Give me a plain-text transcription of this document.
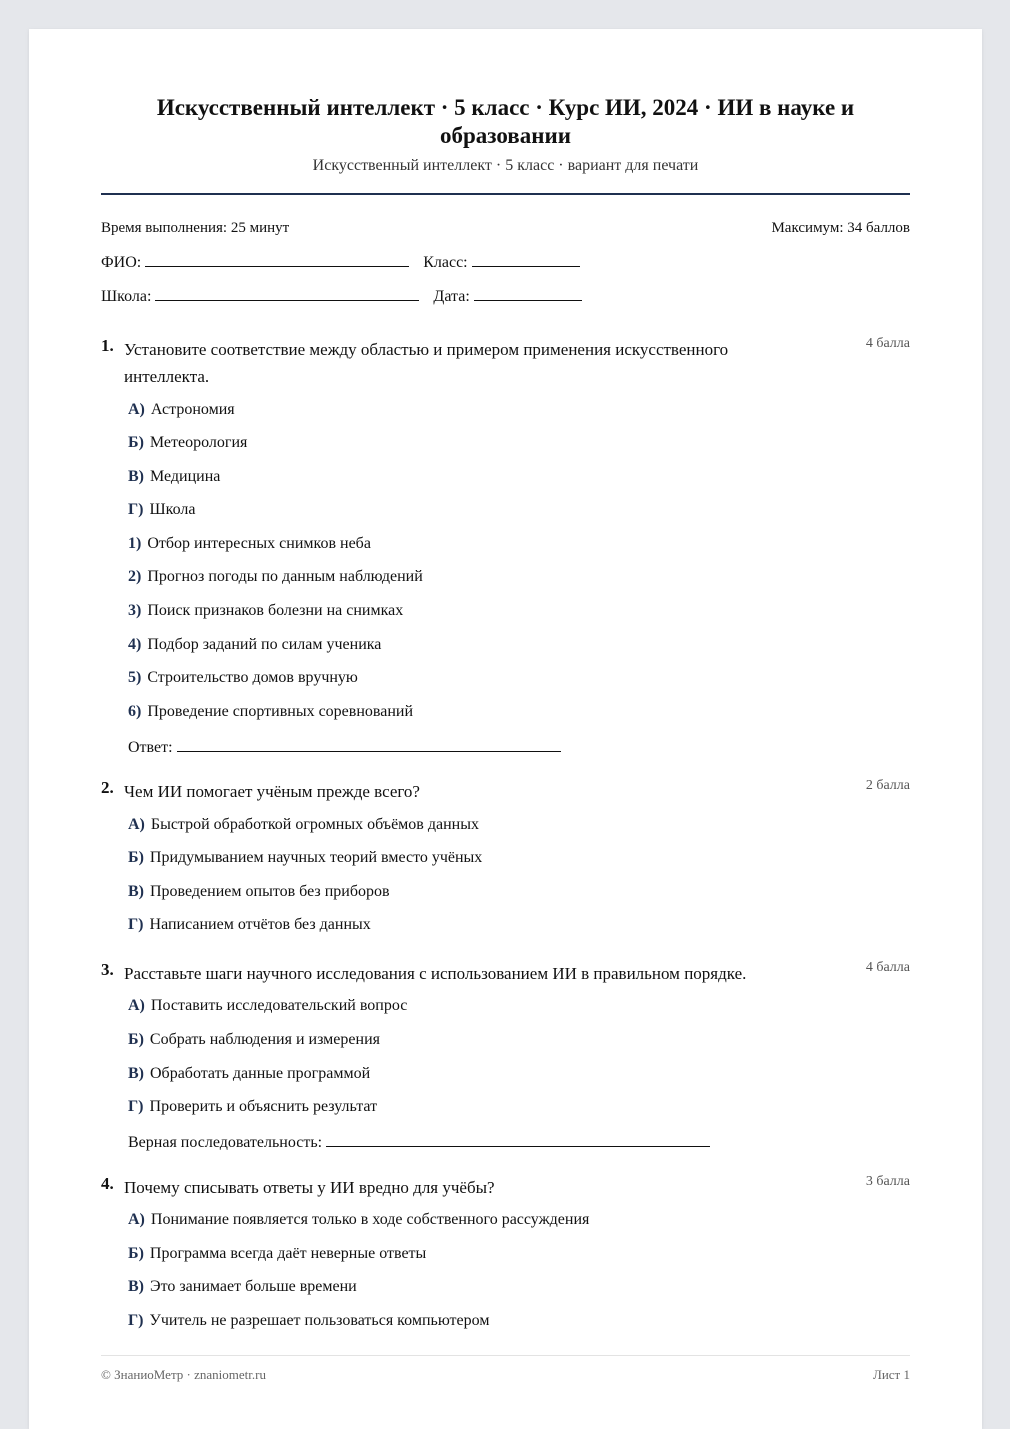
Искусственный интеллект · 5 класс · Курс ИИ, 2024 · ИИ в науке и образовании
Искусственный интеллект · 5 класс · вариант для печати
Время выполнения: 25 минут	Максимум: 34 баллов
ФИО:	Класс:
Школа:	Дата:
1. Установите соответствие между областью и примером применения искусственного интеллекта.
4 балла
А) Астрономия
Б) Метеорология
В) Медицина
Г) Школа
1) Отбор интересных снимков неба
2) Прогноз погоды по данным наблюдений
3) Поиск признаков болезни на снимках
4) Подбор заданий по силам ученика
5) Строительство домов вручную
6) Проведение спортивных соревнований
Ответ:
2. Чем ИИ помогает учёным прежде всего?	2 балла
А) Быстрой обработкой огромных объёмов данных
Б) Придумыванием научных теорий вместо учёных
В) Проведением опытов без приборов
Г) Написанием отчётов без данных
3. Расставьте шаги научного исследования с использованием ИИ в правильном порядке.	4 балла
А) Поставить исследовательский вопрос
Б) Собрать наблюдения и измерения
В) Обработать данные программой
Г) Проверить и объяснить результат
Верная последовательность:
4. Почему списывать ответы у ИИ вредно для учёбы?	3 балла
А) Понимание появляется только в ходе собственного рассуждения
Б) Программа всегда даёт неверные ответы
В) Это занимает больше времени
Г) Учитель не разрешает пользоваться компьютером
© ЗнаниоМетр · znaniometr.ru	Лист 1
